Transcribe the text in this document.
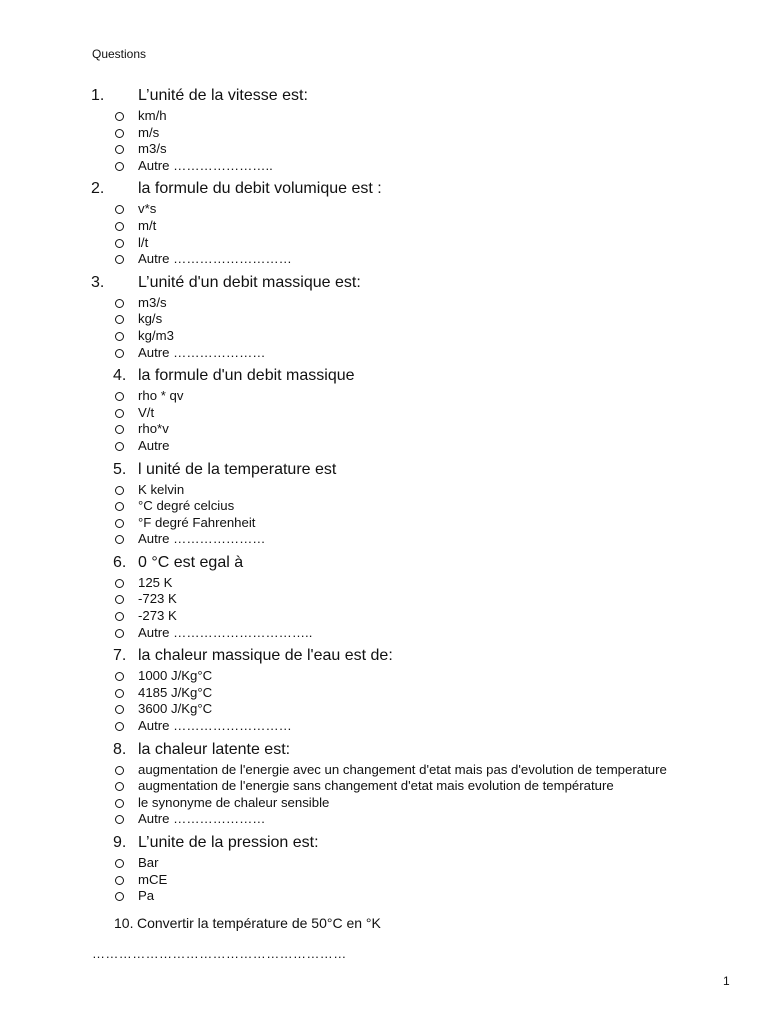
Questions
1. L’unité de la vitesse est:
km/h
m/s
m3/s
Autre …………………..
2. la formule du debit volumique est :
v*s
m/t
l/t
Autre ………………………
3. L’unité d'un debit massique est:
m3/s
kg/s
kg/m3
Autre …………………
4. la formule d'un debit massique
rho * qv
V/t
rho*v
Autre
5. l unité de la temperature est
K kelvin
°C degré celcius
°F degré Fahrenheit
Autre …………………
6. 0 °C est egal à
125 K
-723 K
-273 K
Autre …………………………..
7. la chaleur massique de l'eau est de:
1000 J/Kg°C
4185 J/Kg°C
3600 J/Kg°C
Autre ………………………
8. la chaleur latente est:
augmentation de l'energie avec un changement d'etat mais pas d'evolution de temperature
augmentation de l'energie sans changement d'etat mais evolution de température
le synonyme de chaleur sensible
Autre …………………
9. L’unite de la pression est:
Bar
mCE
Pa
10. Convertir la température de 50°C en °K
…………………………………………………
1
